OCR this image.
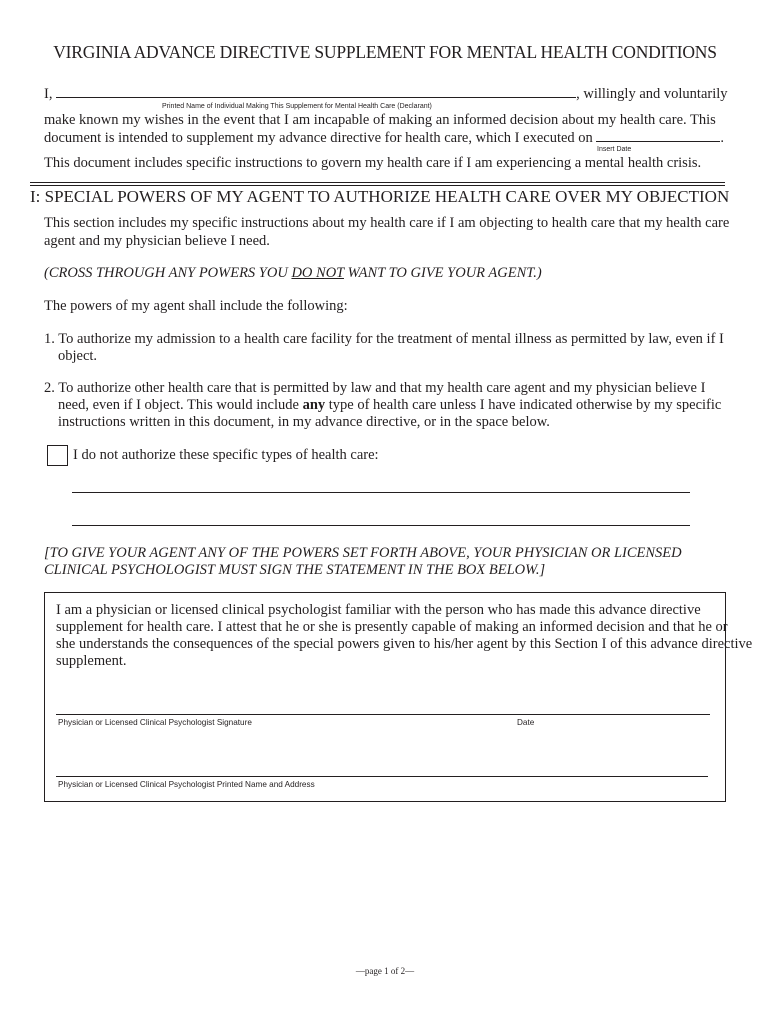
VIRGINIA ADVANCE DIRECTIVE SUPPLEMENT FOR MENTAL HEALTH CONDITIONS
I,	, willingly and voluntarily
Printed Name of Individual Making This Supplement for Mental Health Care (Declarant)
make known my wishes in the event that I am incapable of making an informed decision about my health care. This
document is intended to supplement my advance directive for health care, which I executed on	.
Insert Date
This document includes specific instructions to govern my health care if I am experiencing a mental health crisis.
I: SPECIAL POWERS OF MY AGENT TO AUTHORIZE HEALTH CARE OVER MY OBJECTION
This section includes my specific instructions about my health care if I am objecting to health care that my health care
agent and my physician believe I need.
(CROSS THROUGH ANY POWERS YOU DO NOT WANT TO GIVE YOUR AGENT.)
The powers of my agent shall include the following:
1. To authorize my admission to a health care facility for the treatment of mental illness as permitted by law, even if I
object.
2. To authorize other health care that is permitted by law and that my health care agent and my physician believe I
need, even if I object. This would include any type of health care unless I have indicated otherwise by my specific
instructions written in this document, in my advance directive, or in the space below.
I do not authorize these specific types of health care:
[TO GIVE YOUR AGENT ANY OF THE POWERS SET FORTH ABOVE, YOUR PHYSICIAN OR LICENSED
CLINICAL PSYCHOLOGIST MUST SIGN THE STATEMENT IN THE BOX BELOW.]
I am a physician or licensed clinical psychologist familiar with the person who has made this advance directive
supplement for health care. I attest that he or she is presently capable of making an informed decision and that he or
she understands the consequences of the special powers given to his/her agent by this Section I of this advance directive
supplement.
Physician or Licensed Clinical Psychologist Signature	Date
Physician or Licensed Clinical Psychologist Printed Name and Address
—page 1 of 2—
